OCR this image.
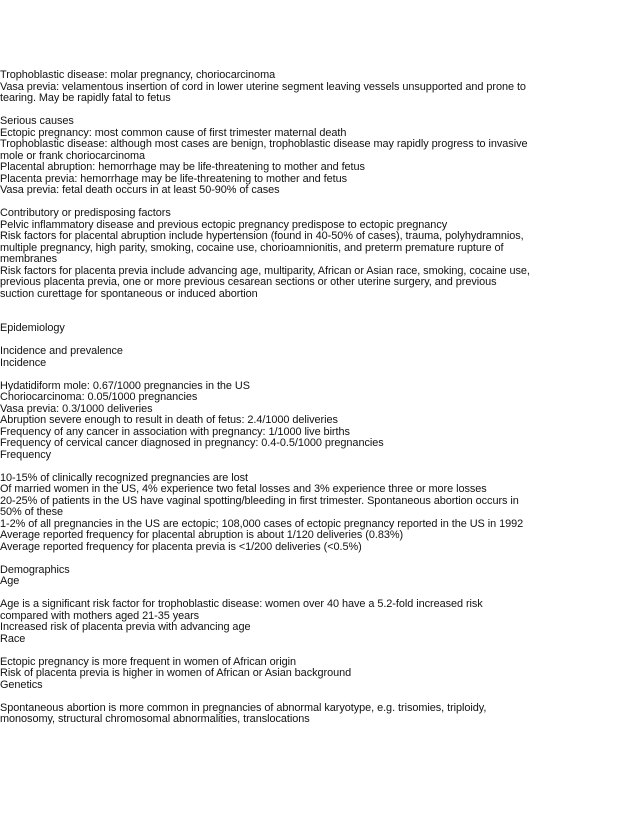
Trophoblastic disease: molar pregnancy, choriocarcinoma
Vasa previa: velamentous insertion of cord in lower uterine segment leaving vessels unsupported and prone to tearing. May be rapidly fatal to fetus
Serious causes
Ectopic pregnancy: most common cause of first trimester maternal death
Trophoblastic disease: although most cases are benign, trophoblastic disease may rapidly progress to invasive mole or frank choriocarcinoma
Placental abruption: hemorrhage may be life-threatening to mother and fetus
Placenta previa: hemorrhage may be life-threatening to mother and fetus
Vasa previa: fetal death occurs in at least 50-90% of cases
Contributory or predisposing factors
Pelvic inflammatory disease and previous ectopic pregnancy predispose to ectopic pregnancy
Risk factors for placental abruption include hypertension (found in 40-50% of cases), trauma, polyhydramnios, multiple pregnancy, high parity, smoking, cocaine use, chorioamnionitis, and preterm premature rupture of membranes
Risk factors for placenta previa include advancing age, multiparity, African or Asian race, smoking, cocaine use, previous placenta previa, one or more previous cesarean sections or other uterine surgery, and previous suction curettage for spontaneous or induced abortion
Epidemiology
Incidence and prevalence
Incidence
Hydatidiform mole: 0.67/1000 pregnancies in the US
Choriocarcinoma: 0.05/1000 pregnancies
Vasa previa: 0.3/1000 deliveries
Abruption severe enough to result in death of fetus: 2.4/1000 deliveries
Frequency of any cancer in association with pregnancy: 1/1000 live births
Frequency of cervical cancer diagnosed in pregnancy: 0.4-0.5/1000 pregnancies
Frequency
10-15% of clinically recognized pregnancies are lost
Of married women in the US, 4% experience two fetal losses and 3% experience three or more losses
20-25% of patients in the US have vaginal spotting/bleeding in first trimester. Spontaneous abortion occurs in 50% of these
1-2% of all pregnancies in the US are ectopic; 108,000 cases of ectopic pregnancy reported in the US in 1992
Average reported frequency for placental abruption is about 1/120 deliveries (0.83%)
Average reported frequency for placenta previa is <1/200 deliveries (<0.5%)
Demographics
Age
Age is a significant risk factor for trophoblastic disease: women over 40 have a 5.2-fold increased risk compared with mothers aged 21-35 years
Increased risk of placenta previa with advancing age
Race
Ectopic pregnancy is more frequent in women of African origin
Risk of placenta previa is higher in women of African or Asian background
Genetics
Spontaneous abortion is more common in pregnancies of abnormal karyotype, e.g. trisomies, triploidy, monosomy, structural chromosomal abnormalities, translocations
